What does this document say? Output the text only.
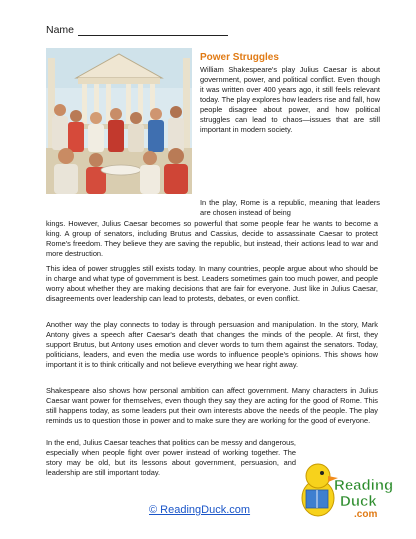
Name
Power Struggles
William Shakespeare's play Julius Caesar is about government, power, and political conflict. Even though it was written over 400 years ago, it still feels relevant today. The play explores how leaders rise and fall, how people disagree about power, and how political struggles can lead to chaos—issues that are still important in modern society.
In the play, Rome is a republic, meaning that leaders are chosen instead of being

kings. However, Julius Caesar becomes so powerful that some people fear he wants to become a king. A group of senators, including Brutus and Cassius, decide to assassinate Caesar to protect Rome's freedom. They believe they are saving the republic, but instead, their actions lead to war and more destruction.

This idea of power struggles still exists today. In many countries, people argue about who should be in charge and what type of government is best. Leaders sometimes gain too much power, and people worry about whether they are making decisions that are fair for everyone. Just like in Julius Caesar, disagreements over leadership can lead to protests, debates, or even conflict.

Another way the play connects to today is through persuasion and manipulation. In the story, Mark Antony gives a speech after Caesar's death that changes the minds of the people. At first, they support Brutus, but Antony uses emotion and clever words to turn them against the senators. Today, politicians, leaders, and even the media use words to influence people's opinions. This shows how important it is to think critically and not believe everything we hear right away.

Shakespeare also shows how personal ambition can affect government. Many characters in Julius Caesar want power for themselves, even though they say they are acting for the good of Rome. This still happens today, as some leaders put their own interests above the needs of the people. The play reminds us to question those in power and to make sure they are working for the good of everyone.

In the end, Julius Caesar teaches that politics can be messy and dangerous, especially when people fight over power instead of working together. The story may be old, but its lessons about government, persuasion, and leadership are still important today.

© ReadingDuck.com
Reading
Duck
.com
